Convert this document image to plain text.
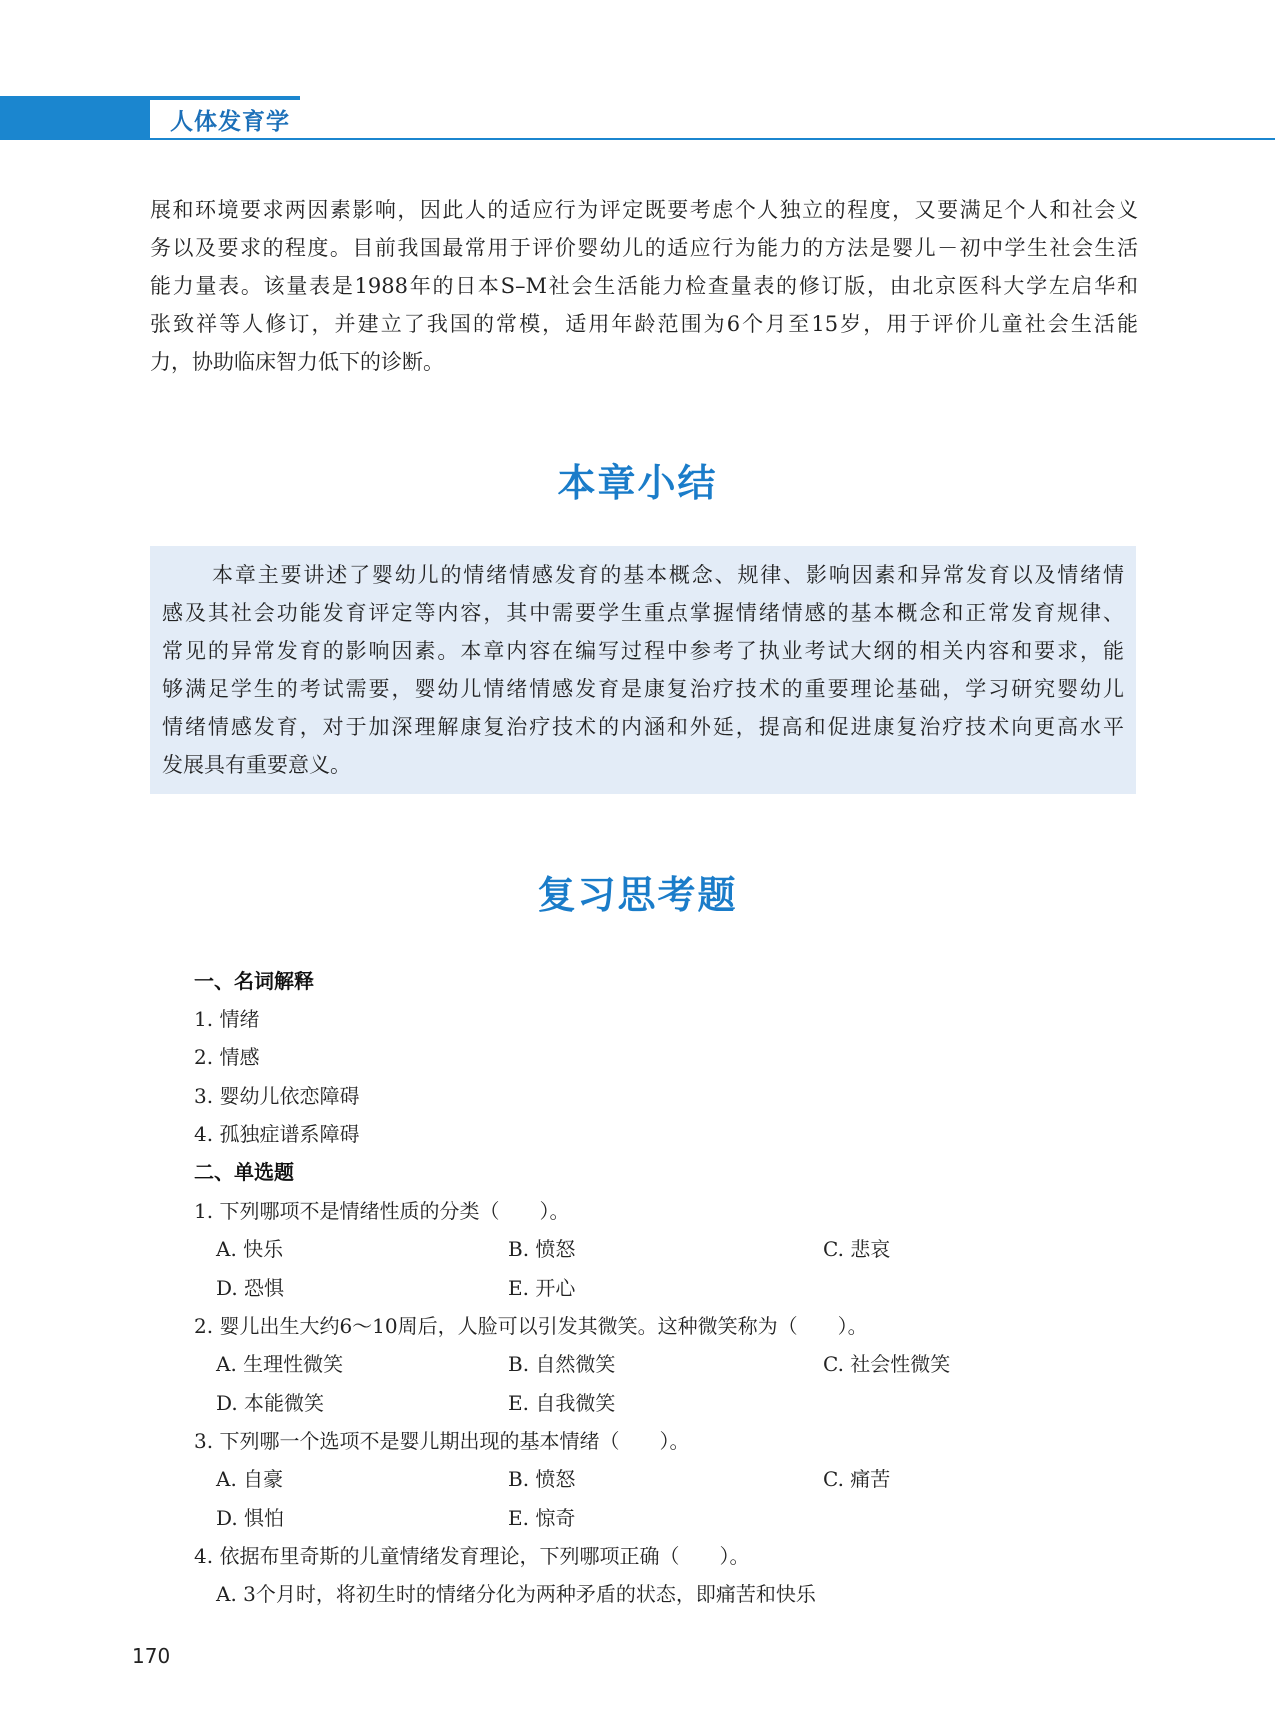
人体发育学
展和环境要求两因素影响，因此人的适应行为评定既要考虑个人独立的程度，又要满足个人和社会义
务以及要求的程度。目前我国最常用于评价婴幼儿的适应行为能力的方法是婴儿－初中学生社会生活
能力量表。该量表是1988年的日本S–M社会生活能力检查量表的修订版，由北京医科大学左启华和
张致祥等人修订，并建立了我国的常模，适用年龄范围为6个月至15岁，用于评价儿童社会生活能
力，协助临床智力低下的诊断。
本章小结
本章主要讲述了婴幼儿的情绪情感发育的基本概念、规律、影响因素和异常发育以及情绪情
感及其社会功能发育评定等内容，其中需要学生重点掌握情绪情感的基本概念和正常发育规律、
常见的异常发育的影响因素。本章内容在编写过程中参考了执业考试大纲的相关内容和要求，能
够满足学生的考试需要，婴幼儿情绪情感发育是康复治疗技术的重要理论基础，学习研究婴幼儿
情绪情感发育，对于加深理解康复治疗技术的内涵和外延，提高和促进康复治疗技术向更高水平
发展具有重要意义。
复习思考题
一、名词解释
1. 情绪
2. 情感
3. 婴幼儿依恋障碍
4. 孤独症谱系障碍
二、单选题
1. 下列哪项不是情绪性质的分类（　　）。
A. 快乐	B. 愤怒	C. 悲哀
D. 恐惧	E. 开心
2. 婴儿出生大约6～10周后，人脸可以引发其微笑。这种微笑称为（　　）。
A. 生理性微笑	B. 自然微笑	C. 社会性微笑
D. 本能微笑	E. 自我微笑
3. 下列哪一个选项不是婴儿期出现的基本情绪（　　）。
A. 自豪	B. 愤怒	C. 痛苦
D. 惧怕	E. 惊奇
4. 依据布里奇斯的儿童情绪发育理论，下列哪项正确（　　）。
A. 3个月时，将初生时的情绪分化为两种矛盾的状态，即痛苦和快乐
170
